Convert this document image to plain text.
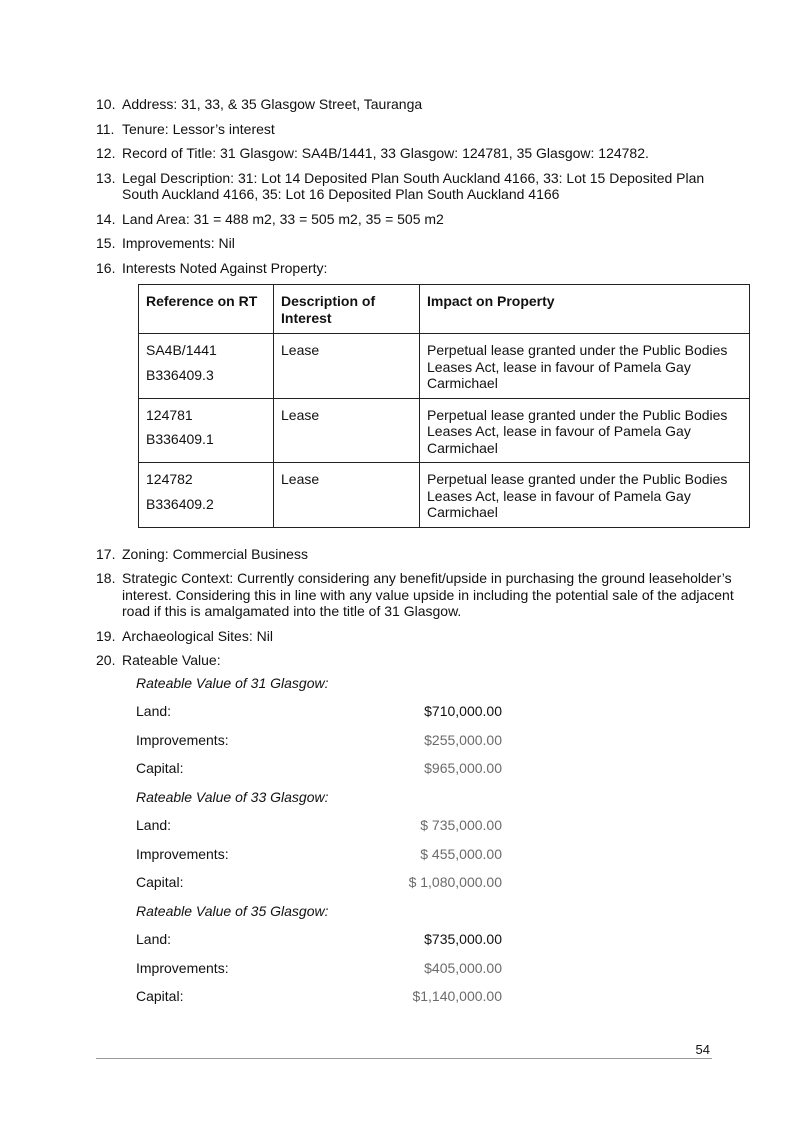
10. Address: 31, 33, & 35 Glasgow Street, Tauranga
11. Tenure: Lessor’s interest
12. Record of Title: 31 Glasgow: SA4B/1441, 33 Glasgow: 124781, 35 Glasgow: 124782.
13. Legal Description: 31: Lot 14 Deposited Plan South Auckland 4166, 33: Lot 15 Deposited Plan South Auckland 4166, 35: Lot 16 Deposited Plan South Auckland 4166
14. Land Area: 31 = 488 m2, 33 = 505 m2, 35 = 505 m2
15. Improvements: Nil
16. Interests Noted Against Property:
Reference on RT	Description of Interest	Impact on Property

SA4B/1441
B336409.3	Lease	Perpetual lease granted under the Public Bodies Leases Act, lease in favour of Pamela Gay Carmichael

124781
B336409.1	Lease	Perpetual lease granted under the Public Bodies Leases Act, lease in favour of Pamela Gay Carmichael

124782
B336409.2	Lease	Perpetual lease granted under the Public Bodies Leases Act, lease in favour of Pamela Gay Carmichael
17. Zoning: Commercial Business
18. Strategic Context: Currently considering any benefit/upside in purchasing the ground leaseholder’s interest. Considering this in line with any value upside in including the potential sale of the adjacent road if this is amalgamated into the title of 31 Glasgow.
19. Archaeological Sites: Nil
20. Rateable Value:
Rateable Value of 31 Glasgow:
Land:	$710,000.00
Improvements:	$255,000.00
Capital:	$965,000.00
Rateable Value of 33 Glasgow:
Land:	$ 735,000.00
Improvements:	$ 455,000.00
Capital:	$ 1,080,000.00
Rateable Value of 35 Glasgow:
Land:	$735,000.00
Improvements:	$405,000.00
Capital:	$1,140,000.00
54
